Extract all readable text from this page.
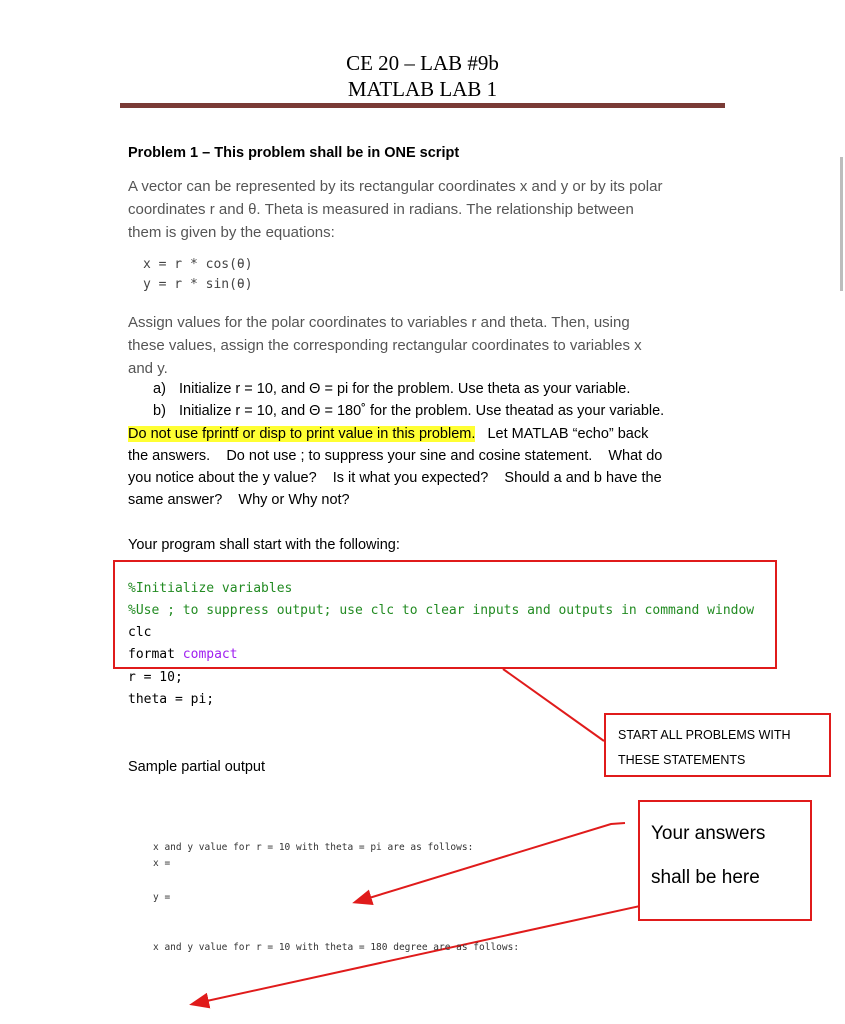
CE 20 – LAB #9b
MATLAB LAB 1
Problem 1 – This problem shall be in ONE script
A vector can be represented by its rectangular coordinates x and y or by its polar
coordinates r and θ. Theta is measured in radians. The relationship between
them is given by the equations:
x = r * cos(θ)
y = r * sin(θ)
Assign values for the polar coordinates to variables r and theta. Then, using
these values, assign the corresponding rectangular coordinates to variables x
and y.
a) Initialize r = 10, and Θ = pi for the problem. Use theta as your variable.
b) Initialize r = 10, and Θ = 180˚ for the problem. Use theatad as your variable.
Do not use fprintf or disp to print value in this problem.   Let MATLAB “echo” back
the answers.    Do not use ; to suppress your sine and cosine statement.    What do
you notice about the y value?    Is it what you expected?    Should a and b have the
same answer?    Why or Why not?
Your program shall start with the following:
%Initialize variables
%Use ; to suppress output; use clc to clear inputs and outputs in command window
clc
format compact
r = 10;
theta = pi;
START ALL PROBLEMS WITH
THESE STATEMENTS
Sample partial output
Your answers
shall be here
x and y value for r = 10 with theta = pi are as follows:
x =
y =
x and y value for r = 10 with theta = 180 degree are as follows:
